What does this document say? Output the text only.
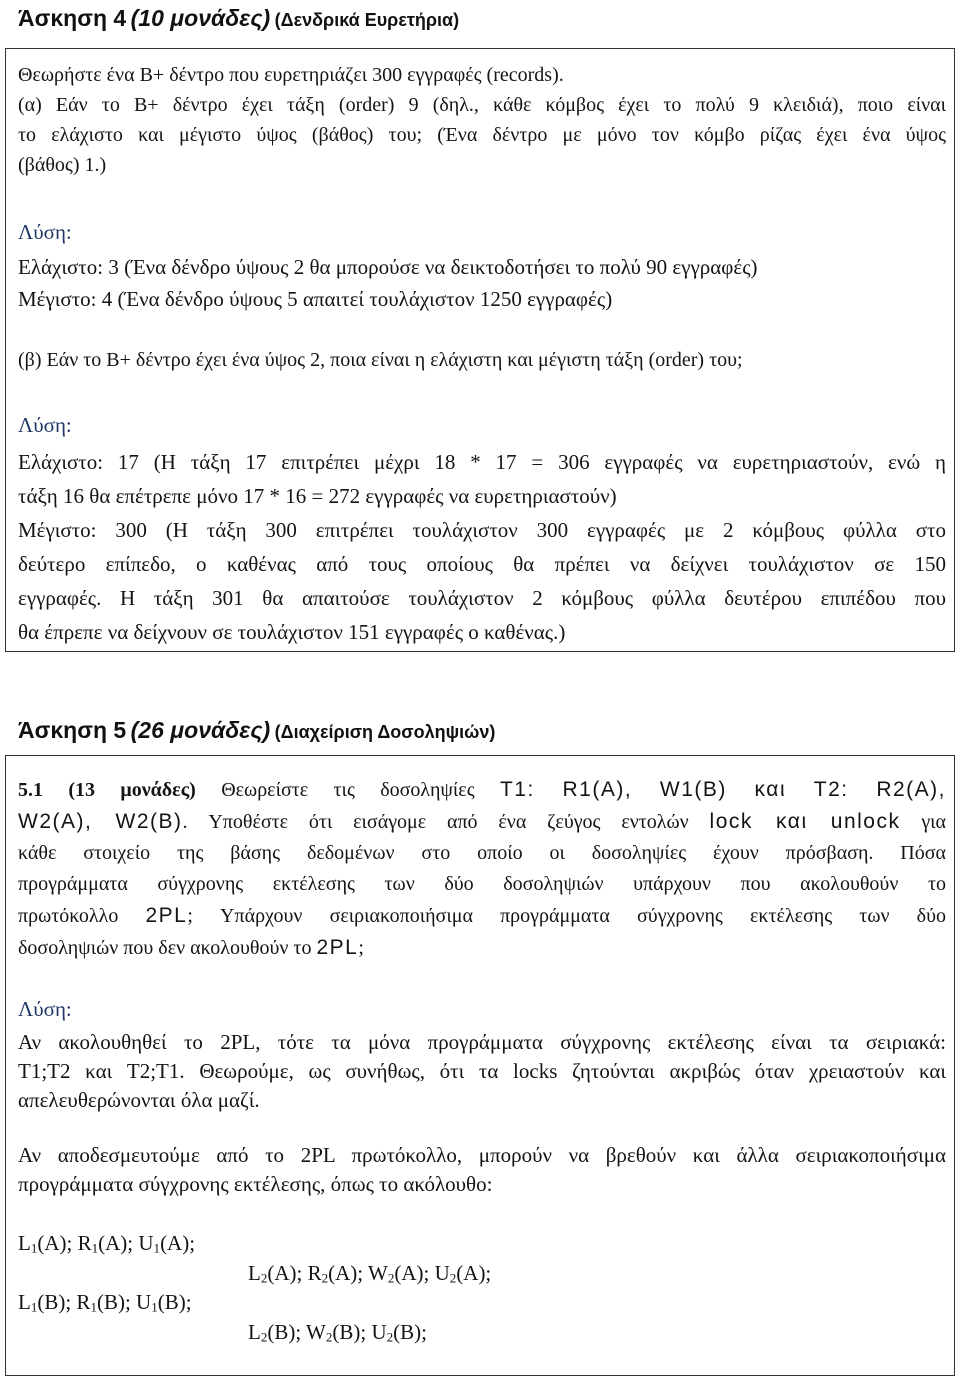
Άσκηση 4 (10 μονάδες) (Δενδρικά Ευρετήρια)
Θεωρήστε ένα B+ δέντρο που ευρετηριάζει 300 εγγραφές (records).
(α) Εάν το B+ δέντρο έχει τάξη (order) 9 (δηλ., κάθε κόμβος έχει το πολύ 9 κλειδιά), ποιο είναι
το ελάχιστο και μέγιστο ύψος (βάθος) του; (Ένα δέντρο με μόνο τον κόμβο ρίζας έχει ένα ύψος
(βάθος) 1.)
Λύση:
Ελάχιστο: 3 (Ένα δένδρο ύψους 2 θα μπορούσε να δεικτοδοτήσει το πολύ 90 εγγραφές)
Μέγιστο: 4 (Ένα δένδρο ύψους 5 απαιτεί τουλάχιστον 1250 εγγραφές)
(β) Εάν το B+ δέντρο έχει ένα ύψος 2, ποια είναι η ελάχιστη και μέγιστη τάξη (order) του;
Λύση:
Ελάχιστο: 17 (Η τάξη 17 επιτρέπει μέχρι 18 * 17 = 306 εγγραφές να ευρετηριαστούν, ενώ η
τάξη 16 θα επέτρεπε μόνο 17 * 16 = 272 εγγραφές να ευρετηριαστούν)
Μέγιστο: 300 (Η τάξη 300 επιτρέπει τουλάχιστον 300 εγγραφές με 2 κόμβους φύλλα στο
δεύτερο επίπεδο, ο καθένας από τους οποίους θα πρέπει να δείχνει τουλάχιστον σε 150
εγγραφές. Η τάξη 301 θα απαιτούσε τουλάχιστον 2 κόμβους φύλλα δευτέρου επιπέδου που
θα έπρεπε να δείχνουν σε τουλάχιστον 151 εγγραφές ο καθένας.)
Άσκηση 5 (26 μονάδες) (Διαχείριση Δοσοληψιών)
5.1 (13 μονάδες) Θεωρείστε τις δοσοληψίες T1: R1(A), W1(B) και T2: R2(A),
W2(A), W2(B). Υποθέστε ότι εισάγομε από ένα ζεύγος εντολών lock και unlock για
κάθε στοιχείο της βάσης δεδομένων στο οποίο οι δοσοληψίες έχουν πρόσβαση. Πόσα
προγράμματα σύγχρονης εκτέλεσης των δύο δοσοληψιών υπάρχουν που ακολουθούν το
πρωτόκολλο 2PL; Υπάρχουν σειριακοποιήσιμα προγράμματα σύγχρονης εκτέλεσης των δύο
δοσοληψιών που δεν ακολουθούν το 2PL;
Λύση:
Αν ακολουθηθεί το 2PL, τότε τα μόνα προγράμματα σύγχρονης εκτέλεσης είναι τα σειριακά:
T1;T2 και T2;T1. Θεωρούμε, ως συνήθως, ότι τα locks ζητούνται ακριβώς όταν χρειαστούν και
απελευθερώνονται όλα μαζί.
Αν αποδεσμευτούμε από το 2PL πρωτόκολλο, μπορούν να βρεθούν και άλλα σειριακοποιήσιμα
προγράμματα σύγχρονης εκτέλεσης, όπως το ακόλουθο:
$L_1(A)$; $R_1(A)$; $U_1(A)$;
$L_2(A)$; $R_2(A)$; $W_2(A)$; $U_2(A)$;
$L_1(B)$; $R_1(B)$; $U_1(B)$;
$L_2(B)$; $W_2(B)$; $U_2(B)$;
